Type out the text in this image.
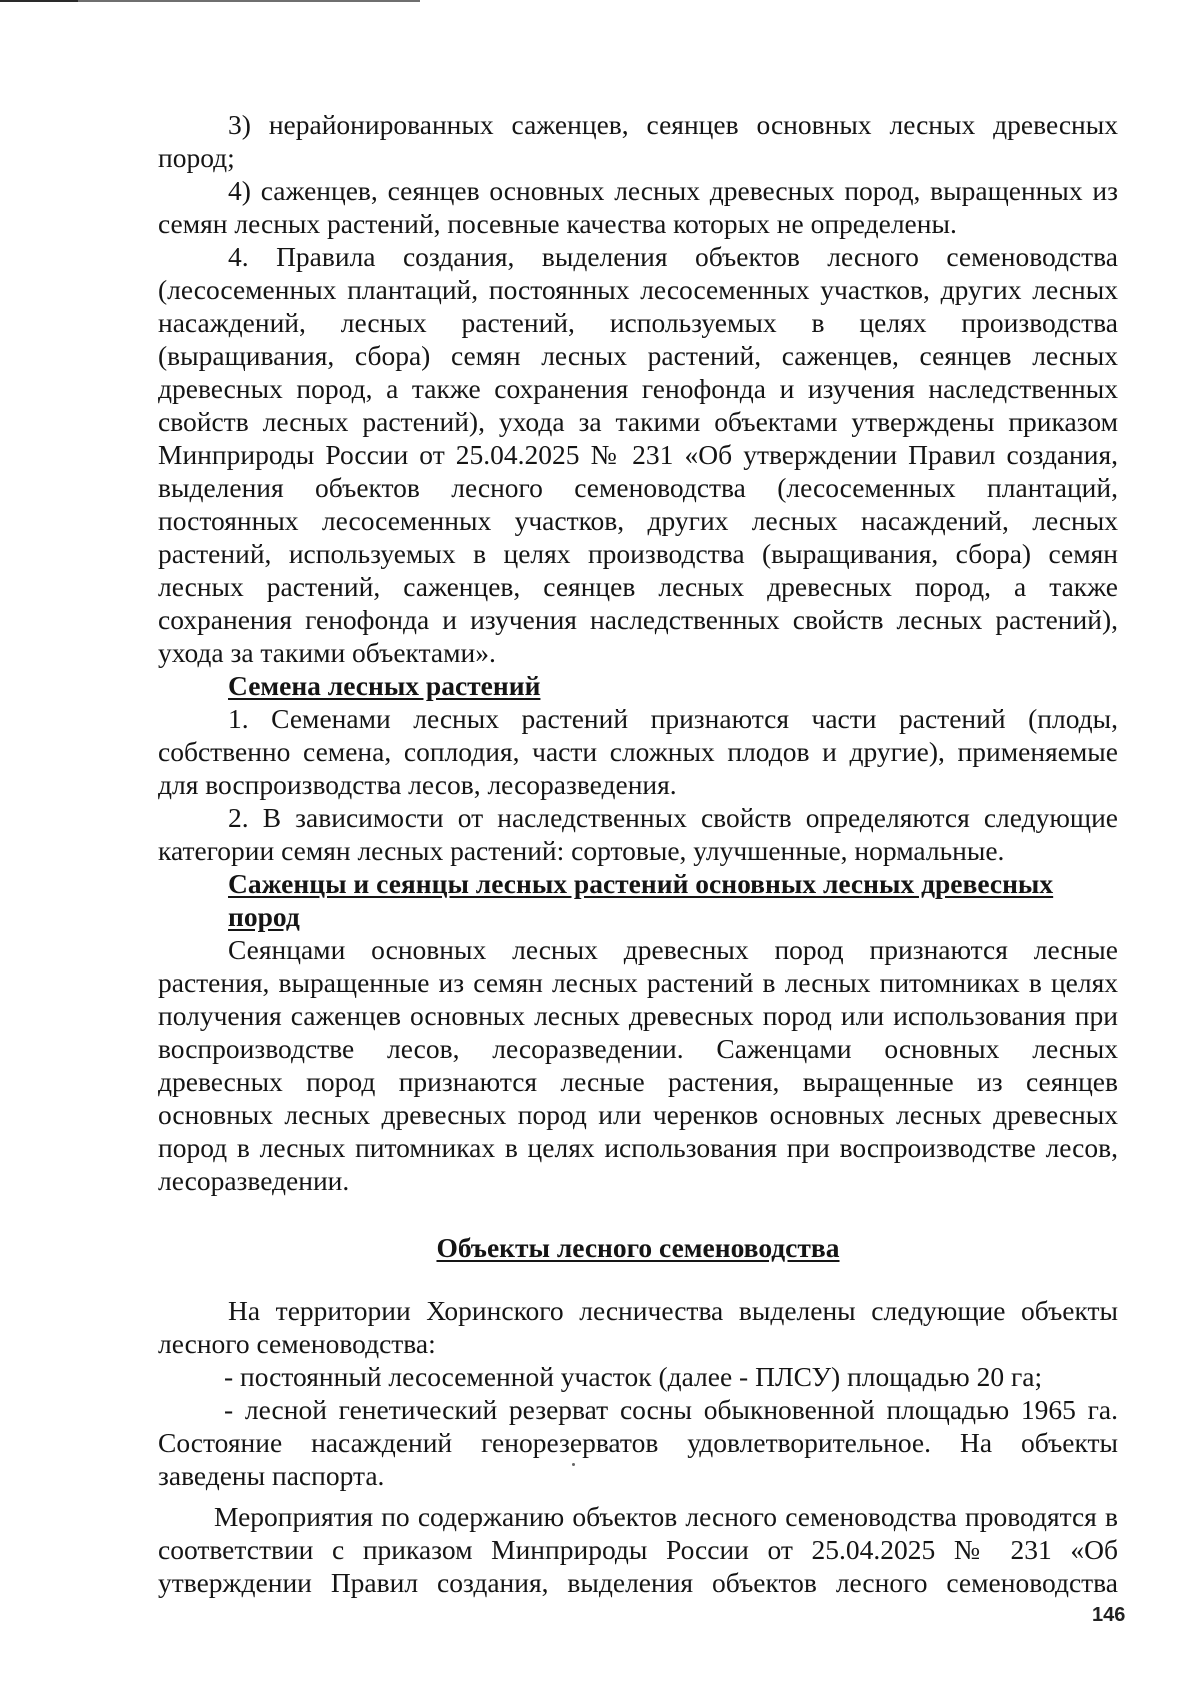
3) нерайонированных саженцев, сеянцев основных лесных древесных пород;

4) саженцев, сеянцев основных лесных древесных пород, выращенных из семян лесных растений, посевные качества которых не определены.

4. Правила создания, выделения объектов лесного семеноводства (лесосеменных плантаций, постоянных лесосеменных участков, других лесных насаждений, лесных растений, используемых в целях производства (выращивания, сбора) семян лесных растений, саженцев, сеянцев лесных древесных пород, а также сохранения генофонда и изучения наследственных свойств лесных растений), ухода за такими объектами утверждены приказом Минприроды России от 25.04.2025 № 231 «Об утверждении Правил создания, выделения объектов лесного семеноводства (лесосеменных плантаций, постоянных лесосеменных участков, других лесных насаждений, лесных растений, используемых в целях производства (выращивания, сбора) семян лесных растений, саженцев, сеянцев лесных древесных пород, а также сохранения генофонда и изучения наследственных свойств лесных растений), ухода за такими объектами».

Семена лесных растений

1. Семенами лесных растений признаются части растений (плоды, собственно семена, соплодия, части сложных плодов и другие), применяемые для воспроизводства лесов, лесоразведения.

2. В зависимости от наследственных свойств определяются следующие категории семян лесных растений: сортовые, улучшенные, нормальные.

Саженцы и сеянцы лесных растений основных лесных древесных пород

Сеянцами основных лесных древесных пород признаются лесные растения, выращенные из семян лесных растений в лесных питомниках в целях получения саженцев основных лесных древесных пород или использования при воспроизводстве лесов, лесоразведении. Саженцами основных лесных древесных пород признаются лесные растения, выращенные из сеянцев основных лесных древесных пород или черенков основных лесных древесных пород в лесных питомниках в целях использования при воспроизводстве лесов, лесоразведении.

Объекты лесного семеноводства

На территории Хоринского лесничества выделены следующие объекты лесного семеноводства:

- постоянный лесосеменной участок (далее - ПЛСУ) площадью 20 га;

- лесной генетический резерват сосны обыкновенной площадью 1965 га. Состояние насаждений генорезерватов удовлетворительное. На объекты заведены паспорта.

Мероприятия по содержанию объектов лесного семеноводства проводятся в соответствии с приказом Минприроды России от 25.04.2025 № 231 «Об утверждении Правил создания, выделения объектов лесного семеноводства

146
